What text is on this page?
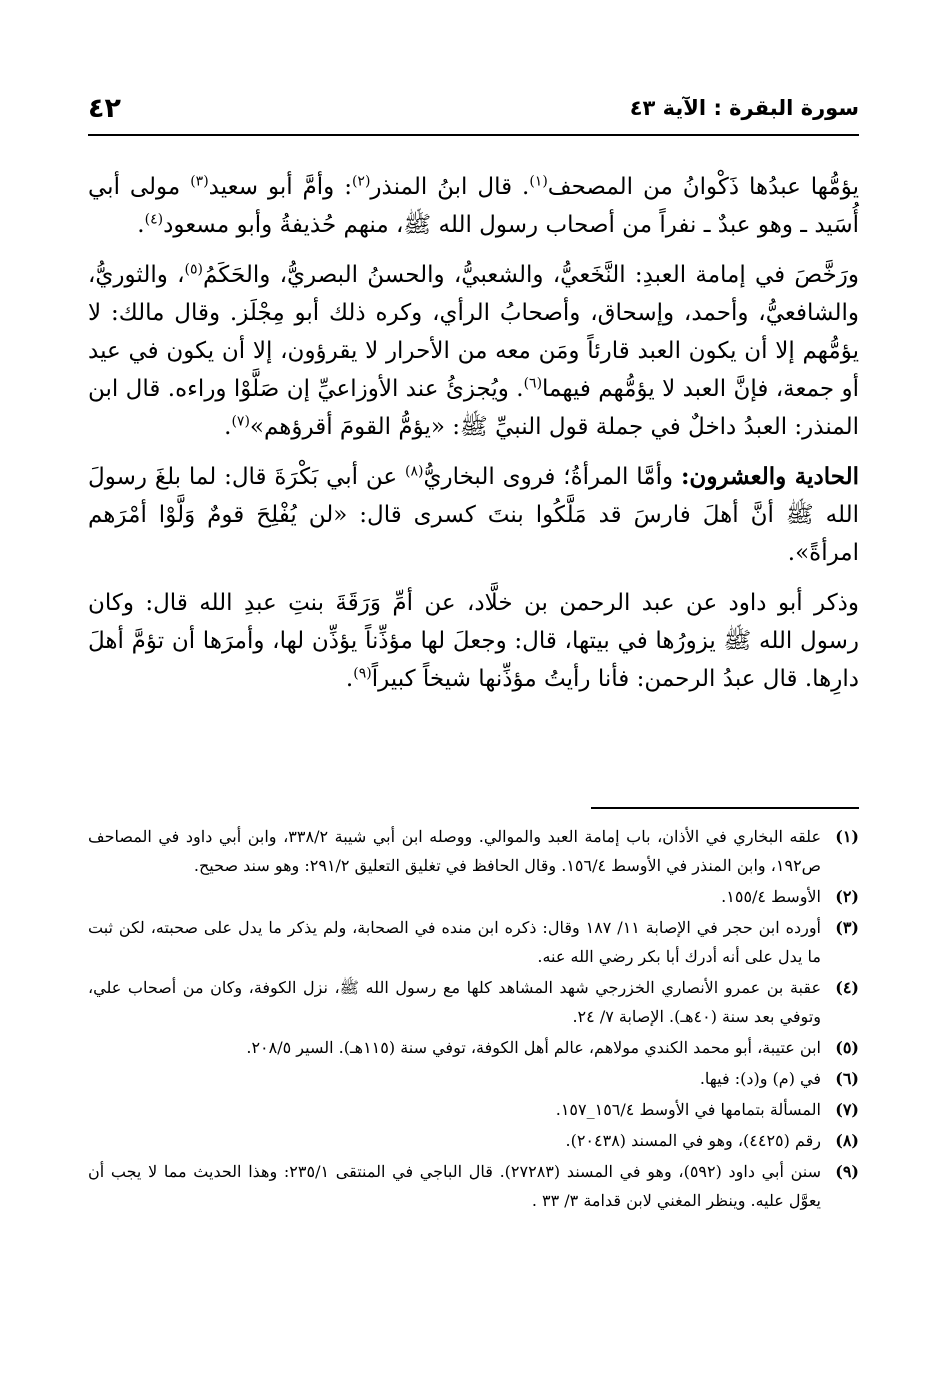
٤٢	سورة البقرة : الآية ٤٣

يؤمُّها عبدُها ذَكْوانُ من المصحف$^{(١)}$. قال ابنُ المنذر$^{(٢)}$: وأمَّ أبو سعيد$^{(٣)}$ مولى أبي أُسَيد ـ وهو عبدٌ ـ نفراً من أصحاب رسول الله ﷺ، منهم حُذيفةُ وأبو مسعود$^{(٤)}$.

ورَخَّصَ في إمامة العبدِ: النَّخَعيُّ، والشعبيُّ، والحسنُ البصريُّ، والحَكَمُ$^{(٥)}$، والثوريُّ، والشافعيُّ، وأحمد، وإسحاق، وأصحابُ الرأي، وكره ذلك أبو مِجْلَز. وقال مالك: لا يؤمُّهم إلا أن يكون العبد قارئاً ومَن معه من الأحرار لا يقرؤون، إلا أن يكون في عيد أو جمعة، فإنَّ العبد لا يؤمُّهم فيهما$^{(٦)}$. ويُجزئُ عند الأوزاعيِّ إن صَلَّوْا وراءه. قال ابن المنذر: العبدُ داخلٌ في جملة قول النبيِّ ﷺ: «يؤمُّ القومَ أقرؤهم»$^{(٧)}$.

الحادية والعشرون: وأمَّا المرأةُ؛ فروى البخاريُّ$^{(٨)}$ عن أبي بَكْرَةَ قال: لما بلغَ رسولَ الله ﷺ أنَّ أهلَ فارسَ قد مَلَّكُوا بنتَ كسرى قال: «لن يُفْلِحَ قومٌ وَلَّوْا أمْرَهم امرأةً».

وذكر أبو داود عن عبد الرحمن بن خلَّاد، عن أمِّ وَرَقَةَ بنتِ عبدِ الله قال: وكان رسول الله ﷺ يزورُها في بيتها، قال: وجعلَ لها مؤذِّناً يؤذِّن لها، وأمرَها أن تؤمَّ أهلَ دارِها. قال عبدُ الرحمن: فأنا رأيتُ مؤذِّنها شيخاً كبيراً$^{(٩)}$.

(١)
علقه البخاري في الأذان، باب إمامة العبد والموالي. ووصله ابن أبي شيبة ٣٣٨/٢، وابن أبي داود في المصاحف ص١٩٢، وابن المنذر في الأوسط ١٥٦/٤. وقال الحافظ في تغليق التعليق ٢٩١/٢: وهو سند صحيح.
(٢)
الأوسط ١٥٥/٤.
(٣)
أورده ابن حجر في الإصابة ١١/ ١٨٧ وقال: ذكره ابن منده في الصحابة، ولم يذكر ما يدل على صحبته، لكن ثبت ما يدل على أنه أدرك أبا بكر رضي الله عنه.
(٤)
عقبة بن عمرو الأنصاري الخزرجي شهد المشاهد كلها مع رسول الله ﷺ، نزل الكوفة، وكان من أصحاب علي، وتوفي بعد سنة (٤٠هـ). الإصابة ٧/ ٢٤.
(٥)
ابن عتيبة، أبو محمد الكندي مولاهم، عالم أهل الكوفة، توفي سنة (١١٥هـ). السير ٢٠٨/٥.
(٦)
في (م) و(د): فيها.
(٧)
المسألة بتمامها في الأوسط ١٥٦/٤_١٥٧.
(٨)
رقم (٤٤٢٥)، وهو في المسند (٢٠٤٣٨).
(٩)
سنن أبي داود (٥٩٢)، وهو في المسند (٢٧٢٨٣). قال الباجي في المنتقى ٢٣٥/١: وهذا الحديث مما لا يجب أن يعوَّل عليه. وينظر المغني لابن قدامة ٣/ ٣٣ .
